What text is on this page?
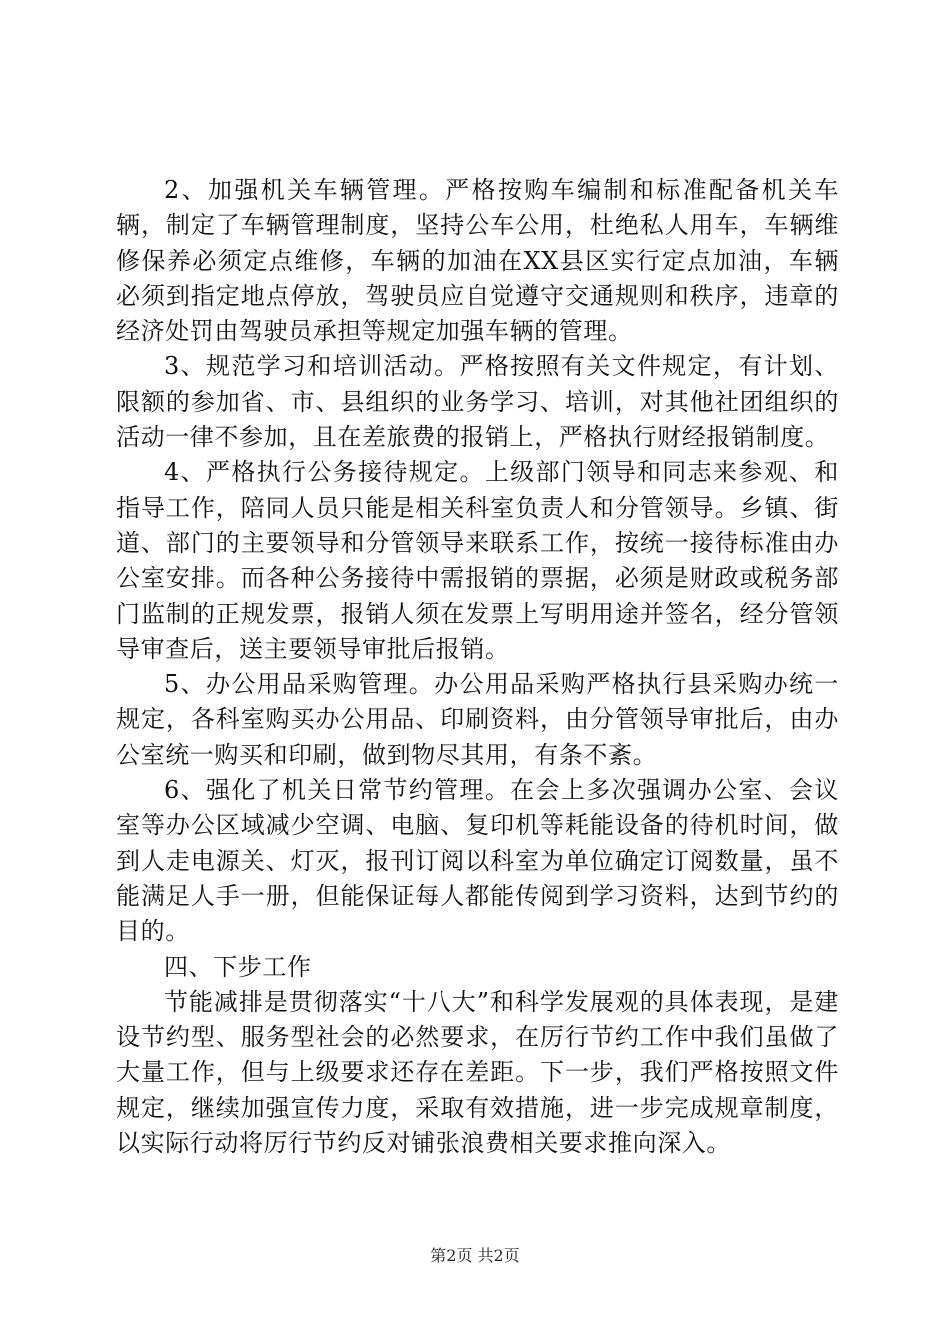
2、加强机关车辆管理。严格按购车编制和标准配备机关车辆，制定了车辆管理制度，坚持公车公用，杜绝私人用车，车辆维修保养必须定点维修，车辆的加油在XX县区实行定点加油，车辆必须到指定地点停放，驾驶员应自觉遵守交通规则和秩序，违章的经济处罚由驾驶员承担等规定加强车辆的管理。

3、规范学习和培训活动。严格按照有关文件规定，有计划、限额的参加省、市、县组织的业务学习、培训，对其他社团组织的活动一律不参加，且在差旅费的报销上，严格执行财经报销制度。

4、严格执行公务接待规定。上级部门领导和同志来参观、和指导工作，陪同人员只能是相关科室负责人和分管领导。乡镇、街道、部门的主要领导和分管领导来联系工作，按统一接待标准由办公室安排。而各种公务接待中需报销的票据，必须是财政或税务部门监制的正规发票，报销人须在发票上写明用途并签名，经分管领导审查后，送主要领导审批后报销。

5、办公用品采购管理。办公用品采购严格执行县采购办统一规定，各科室购买办公用品、印刷资料，由分管领导审批后，由办公室统一购买和印刷，做到物尽其用，有条不紊。

6、强化了机关日常节约管理。在会上多次强调办公室、会议室等办公区域减少空调、电脑、复印机等耗能设备的待机时间，做到人走电源关、灯灭，报刊订阅以科室为单位确定订阅数量，虽不能满足人手一册，但能保证每人都能传阅到学习资料，达到节约的目的。

四、下步工作

节能减排是贯彻落实“十八大”和科学发展观的具体表现，是建设节约型、服务型社会的必然要求，在厉行节约工作中我们虽做了大量工作，但与上级要求还存在差距。下一步，我们严格按照文件规定，继续加强宣传力度，采取有效措施，进一步完成规章制度，以实际行动将厉行节约反对铺张浪费相关要求推向深入。

第2页 共2页
